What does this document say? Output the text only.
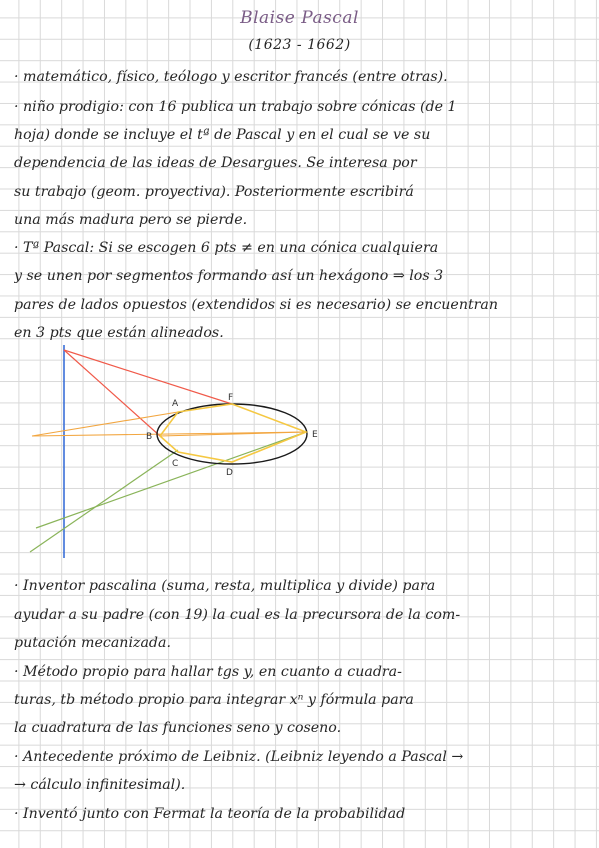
Blaise Pascal
(1623 - 1662)
· matemático, físico, teólogo y escritor francés (entre otras).
· niño prodigio: con 16 publica un trabajo sobre cónicas (de 1
hoja) donde se incluye el tª de Pascal y en el cual se ve su
dependencia de las ideas de Desargues. Se interesa por
su trabajo (geom. proyectiva). Posteriormente escribirá
una más madura pero se pierde.
· Tª Pascal: Si se escogen 6 pts ≠ en una cónica cualquiera
y se unen por segmentos formando así un hexágono ⇒ los 3
pares de lados opuestos (extendidos si es necesario) se encuentran
en 3 pts que están alineados.
A
B
C
D
E
F
· Inventor pascalina (suma, resta, multiplica y divide) para
ayudar a su padre (con 19) la cual es la precursora de la com-
putación mecanizada.
· Método propio para hallar tgs y, en cuanto a cuadra-
turas, tb método propio para integrar xⁿ y fórmula para
la cuadratura de las funciones seno y coseno.
· Antecedente próximo de Leibniz. (Leibniz leyendo a Pascal →
→ cálculo infinitesimal).
· Inventó junto con Fermat la teoría de la probabilidad
